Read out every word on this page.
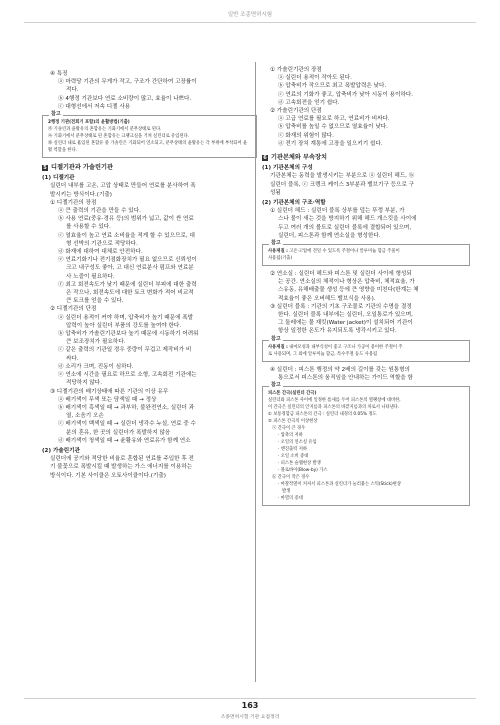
일반 조종면허시험

④ 특징

ⓐ 마력당 기관의 무게가 작고, 구조가 간단하여 고장률이

적다.

ⓑ 4행정 기관보다 연료 소비량이 많고, 효율이 나쁘다.

ⓒ 대형선에서 저속 디젤 사용

참고

2행정 기관(전회기 포함)의 윤활방법(기출)

㉮ 기솔린과 윤활유의 혼합유는 기화기에서 분무상태로 된다.

㉯ 기화기에서 분무상태로 된 혼합유는 크랭크실을 거쳐 실린더로 유입된다.

㉰ 실린더 내로 흡입된 혼합유 중 가솔린은 기화되어 연소되고, 분무상태의 윤활유는 각 부위에 부착되어 윤활 역할을 한다.

5 디젤기관과 가솔린기관

(1) 디젤기관

실린더 내부를 고온, 고압 상태로 만들어 연료를 분사하여 폭

발시키는 방식이다.(기출)

① 디젤기관의 장점

ⓐ 큰 출력의 기관을 만들 수 있다.

ⓑ 사용 연료(중유·경유 등)의 범위가 넓고, 값이 싼 연료

를 사용할 수 있다.

ⓒ 열효율이 높고 연료 소비율을 적게 할 수 있으므로, 대

형 선박의 기관으로 적당하다.

ⓓ 화재에 대하여 대체로 안전하다.

ⓔ 연료기화기나 전기점화장치가 필요 없으므로 신뢰성이

크고 내구성도 좋아, 고 대신 연료분사 펌프와 연료분

사 노즐이 필요하다.

ⓕ 최고 회전속도가 낮기 때문에 실린더 부피에 대한 출력

은 작으나, 회전속도에 대한 토크 변화가 적어 비교적

큰 토크를 얻을 수 있다.

② 디젤기관의 단점

ⓐ 실린더 용적이 커야 하며, 압축비가 높기 때문에 폭발

압력이 높아 실린더 부품의 강도를 높여야 한다.

ⓑ 압축비가 가솔린기관보다 높기 때문에 시동하기 어려워

큰 보조장치가 필요하다.

ⓒ 같은 출력의 기관일 경우 중량이 무겁고 제작비가 비

싸다.

ⓓ 소리가 크며, 진동이 심하다.

ⓔ 연소에 시간을 필요로 하므로 소형, 고속회전 기관에는

적당하지 않다.

③ 디젤기관의 배기상태에 따른 기관의 이상 유무

ⓐ 배기색이 무색 또는 담색일 때 → 정상

ⓑ 배기색이 흑색일 때 → 과부하, 불완전연소, 실린더 과

열, 소음기 오손

ⓒ 배기색이 백색일 때 → 실린더 냉각수 누설, 연료 중 수

분의 혼유, 한 곳의 실린더가 폭발하지 않음

ⓓ 배기색이 청색일 때 → 윤활유와 연료유가 함께 연소

(2) 가솔린기관

실린더에 공기와 적당한 비율로 혼합된 연료를 주입한 후 전

기 불꽃으로 폭발시킬 때 발생하는 가스 에너지를 이용하는

방식이다. 기본 사이클은 오토사이클이다.(기출)

① 가솔린기관의 장점

ⓐ 실린더 용적이 작아도 된다.

ⓑ 압축비가 작으므로 최고 폭발압력은 낮다.

ⓒ 연료의 기화가 좋고, 압축비가 낮아 시동이 용이하다.

ⓓ 고속회전을 얻기 쉽다.

② 가솔린기관의 단점

ⓐ 고급 연료를 필요로 하고, 연료비가 비싸다.

ⓑ 압축비를 높일 수 없으므로 열효율이 낮다.

ⓒ 화재의 위험이 많다.

ⓓ 전기 장치 계통에 고장을 일으키기 쉽다.

6 기관본체와 부속장치

(1) 기관본체의 구성

기관본체는 동력을 발생시키는 부분으로 ⓐ 실린더 헤드, ⓑ

실린더 블록, ⓒ 크랭크 케이스 3부분과 밸브기구 등으로 구

성됨

(2) 기관본체의 구조·역할

① 실린더 헤드 : 실린더 블록 상부를 덮는 뚜껑 부분, 가

스나 물이 새는 것을 방지하기 위해 헤드 개스킷을 사이에

두고 여러 개의 볼트로 실린더 블록에 결합되어 있으며,

실린더, 피스톤과 함께 연소실을 형성한다.

참고

사용재질 : 고온·고압에 견딜 수 있도록 주철이나 알루미늄 합금 주물이

사용됨(기출)

② 연소실 : 실린더 헤드와 피스톤 및 실린더 사이에 형성되

는 공간. 연소실의 체적이나 형상은 압축비, 체적효율, 가

스유동, 유해배출물 생성 등에 큰 영향을 미친다(한계는 체

적효율이 좋은 오버헤드 밸브식을 사용).

③ 실린더 블록 : 기관의 기초 구조물로 기관의 수명을 결정

한다. 실린더 블록 내부에는 실린더, 오일통로가 있으며,

그 둘레에는 물 재킷(Water jacket)이 설치되어 기관이

항상 일정한 온도가 유지되도록 냉각시키고 있다.

참고

사용재질 : 내마모성과 내부식성이 좋고 구조나 가공이 용이한 주철이 주

로 사용되며, 그 외에 알루미늄 합금, 특수주철 등도 사용됨

④ 실린더 : 피스톤 행정의 약 2배의 길이를 갖는 원통형의

통으로서 피스톤의 움직임을 안내하는 가이드 역할을 함

참고

피스톤 간극(실린더 간극)

실린더와 피스톤 사이에 일정한 틈새를 두어 피스톤의 열팽창에 대비한,

이 간극은 실린더의 안지름과 피스톤의 바깥지름과의 차로서 나타낸다.

① 보통경합금 피스톤의 간극 : 실린더 내경의 0.05% 정도

② 피스톤 간극의 이상현상

ⓐ 간극이 큰 경우

· 압축의 저하

· 오일의 연소실 유입

· 엔진출력 저하

· 오일 소비 증대

· 피스톤 슬랩현상 발생

· 블로바이(Blow-by) 가스

ⓑ 간극이 작은 경우

· 마찰작열이 커져서 피스톤과 실린더가 눌러붙는 스틱(Stick)현상

발생

· 마멸의 증대

163
조종면허시험 기관 요점정리
